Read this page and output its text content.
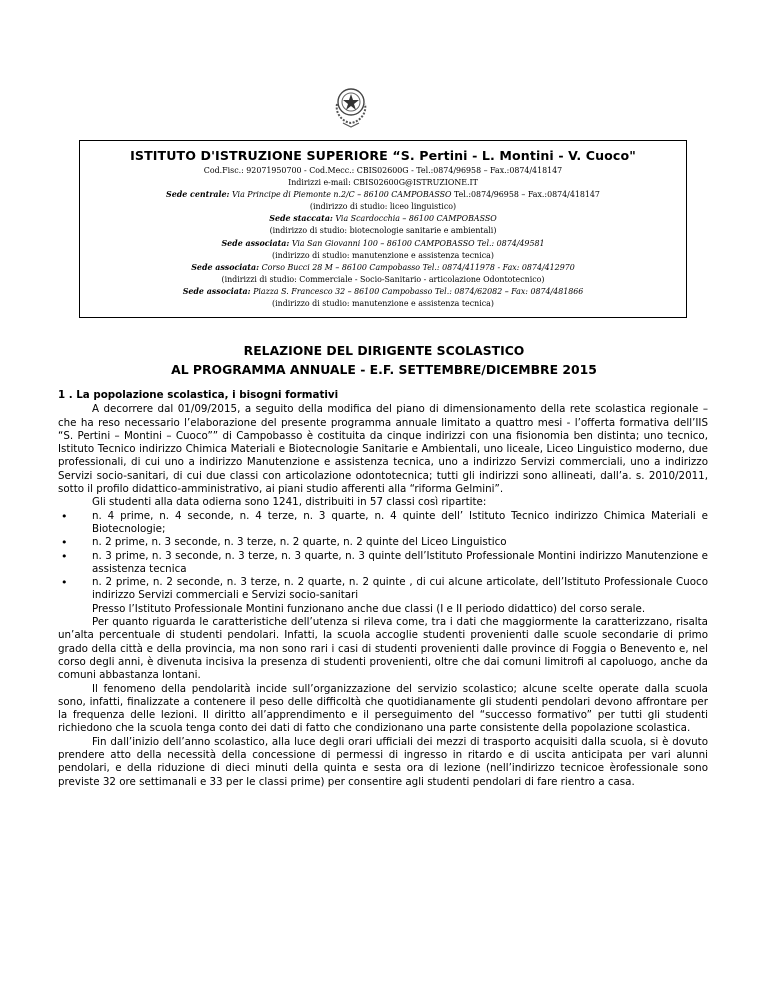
ISTITUTO D'ISTRUZIONE SUPERIORE “S. Pertini - L. Montini - V. Cuoco"
Cod.Fisc.: 92071950700 - Cod.Mecc.: CBIS02600G - Tel.:0874/96958 – Fax.:0874/418147
Indirizzi e-mail: CBIS02600G@ISTRUZIONE.IT
Sede centrale: Via Principe di Piemonte n.2/C – 86100 CAMPOBASSO Tel.:0874/96958 – Fax.:0874/418147
(indirizzo di studio: liceo linguistico)
Sede staccata: Via Scardocchia – 86100 CAMPOBASSO
(indirizzo di studio: biotecnologie sanitarie e ambientali)
Sede associata: Via San Giovanni 100 – 86100 CAMPOBASSO Tel.: 0874/49581
(indirizzo di studio: manutenzione e assistenza tecnica)
Sede associata: Corso Bucci 28 M – 86100 Campobasso Tel.: 0874/411978 - Fax: 0874/412970
(indirizzi di studio: Commerciale - Socio-Sanitario - articolazione Odontotecnico)
Sede associata: Piazza S. Francesco 32 – 86100 Campobasso Tel.: 0874/62082 – Fax: 0874/481866
(indirizzo di studio: manutenzione e assistenza tecnica)
RELAZIONE DEL DIRIGENTE SCOLASTICO
AL PROGRAMMA ANNUALE - E.F. SETTEMBRE/DICEMBRE 2015

1 . La popolazione scolastica, i bisogni formativi

A decorrere dal 01/09/2015, a seguito della modifica del piano di dimensionamento della rete scolastica regionale – che ha reso necessario l’elaborazione del presente programma annuale limitato a quattro mesi - l’offerta formativa dell’IIS “S. Pertini – Montini – Cuoco”” di Campobasso è costituita da cinque indirizzi con una fisionomia ben distinta; uno tecnico, Istituto Tecnico indirizzo Chimica Materiali e Biotecnologie Sanitarie e Ambientali, uno liceale, Liceo Linguistico moderno, due professionali, di cui uno a indirizzo Manutenzione e assistenza tecnica, uno a indirizzo Servizi commerciali, uno a indirizzo Servizi socio-sanitari, di cui due classi con articolazione odontotecnica; tutti gli indirizzi sono allineati, dall’a. s. 2010/2011, sotto il profilo didattico-amministrativo, ai piani studio afferenti alla “riforma Gelmini”.

Gli studenti alla data odierna sono 1241, distribuiti in 57 classi così ripartite:

• n. 4 prime, n. 4 seconde, n. 4 terze, n. 3 quarte, n. 4 quinte dell’ Istituto Tecnico indirizzo Chimica Materiali e Biotecnologie;
• n. 2 prime, n. 3 seconde, n. 3 terze, n. 2 quarte, n. 2 quinte del Liceo Linguistico
• n. 3 prime, n. 3 seconde, n. 3 terze, n. 3 quarte, n. 3 quinte dell’Istituto Professionale Montini indirizzo Manutenzione e assistenza tecnica
• n. 2 prime, n. 2 seconde, n. 3 terze, n. 2 quarte, n. 2 quinte , di cui alcune articolate, dell’Istituto Professionale Cuoco indirizzo Servizi commerciali e Servizi socio-sanitari

Presso l’Istituto Professionale Montini funzionano anche due classi (I e II periodo didattico) del corso serale.

Per quanto riguarda le caratteristiche dell’utenza si rileva come, tra i dati che maggiormente la caratterizzano, risalta un’alta percentuale di studenti pendolari. Infatti, la scuola accoglie studenti provenienti dalle scuole secondarie di primo grado della città e della provincia, ma non sono rari i casi di studenti provenienti dalle province di Foggia o Benevento e, nel corso degli anni, è divenuta incisiva la presenza di studenti provenienti, oltre che dai comuni limitrofi al capoluogo, anche da comuni abbastanza lontani.

Il fenomeno della pendolarità incide sull’organizzazione del servizio scolastico; alcune scelte operate dalla scuola sono, infatti, finalizzate a contenere il peso delle difficoltà che quotidianamente gli studenti pendolari devono affrontare per la frequenza delle lezioni. Il diritto all’apprendimento e il perseguimento del “successo formativo” per tutti gli studenti richiedono che la scuola tenga conto dei dati di fatto che condizionano una parte consistente della popolazione scolastica.

Fin dall’inizio dell’anno scolastico, alla luce degli orari ufficiali dei mezzi di trasporto acquisiti dalla scuola, si è dovuto prendere atto della necessità della concessione di permessi di ingresso in ritardo e di uscita anticipata per vari alunni pendolari, e della riduzione di dieci minuti della quinta e sesta ora di lezione (nell’indirizzo tecnicoe èrofessionale sono previste 32 ore settimanali e 33 per le classi prime) per consentire agli studenti pendolari di fare rientro a casa.
